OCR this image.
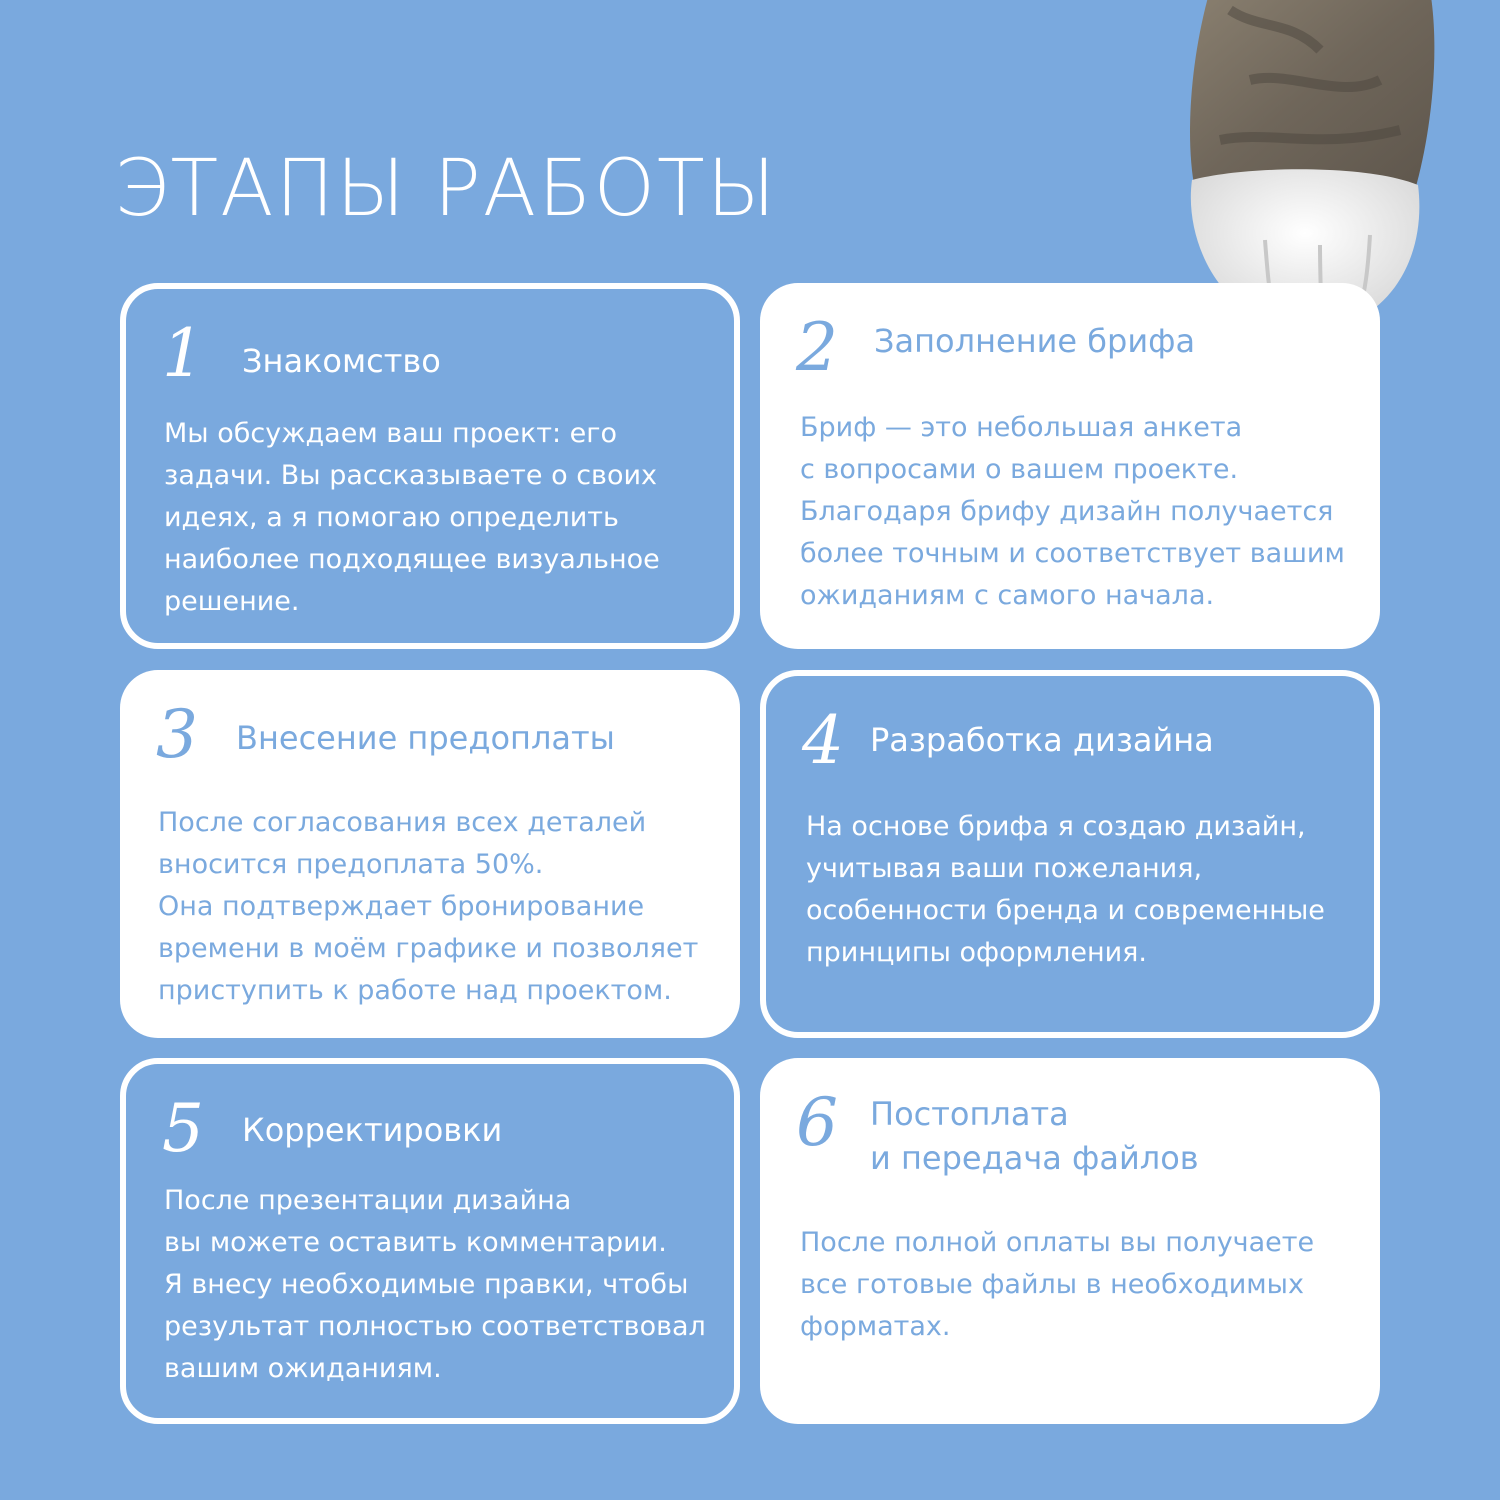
ЭТАПЫ РАБОТЫ
1	Знакомство
Мы обсуждаем ваш проект: его
задачи. Вы рассказываете о своих
идеях, а я помогаю определить
наиболее подходящее визуальное
решение.
2	Заполнение брифа
Бриф — это небольшая анкета
с вопросами о вашем проекте.
Благодаря брифу дизайн получается
более точным и соответствует вашим
ожиданиям с самого начала.
3	Внесение предоплаты
После согласования всех деталей
вносится предоплата 50%.
Она подтверждает бронирование
времени в моём графике и позволяет
приступить к работе над проектом.
4 Разработка дизайна
На основе брифа я создаю дизайн,
учитывая ваши пожелания,
особенности бренда и современные
принципы оформления.
5	Корректировки
После презентации дизайна
вы можете оставить комментарии.
Я внесу необходимые правки, чтобы
результат полностью соответствовал
вашим ожиданиям.
6	Постоплата
и передача файлов
После полной оплаты вы получаете
все готовые файлы в необходимых
форматах.
